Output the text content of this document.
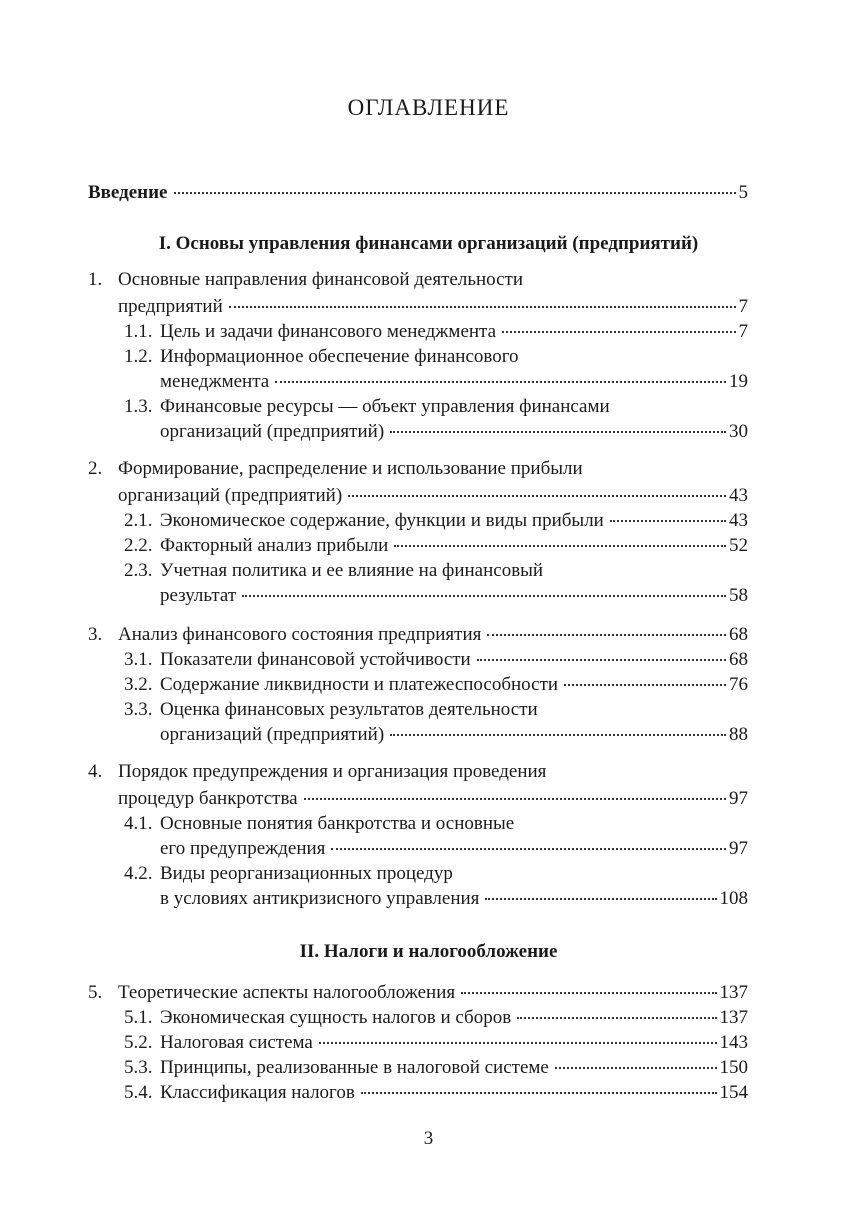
ОГЛАВЛЕНИЕ
Введение	5
I. Основы управления финансами организаций (предприятий)
1. Основные направления финансовой деятельности
предприятий	7
1.1. Цель и задачи финансового менеджмента	7
1.2. Информационное обеспечение финансового
менеджмента	19
1.3. Финансовые ресурсы — объект управления финансами
организаций (предприятий)	30
2. Формирование, распределение и использование прибыли
организаций (предприятий)	43
2.1. Экономическое содержание, функции и виды прибыли	43
2.2. Факторный анализ прибыли	52
2.3. Учетная политика и ее влияние на финансовый
результат	58
3. Анализ финансового состояния предприятия	68
3.1. Показатели финансовой устойчивости	68
3.2. Содержание ликвидности и платежеспособности	76
3.3. Оценка финансовых результатов деятельности
организаций (предприятий)	88
4. Порядок предупреждения и организация проведения
процедур банкротства	97
4.1. Основные понятия банкротства и основные
его предупреждения	97
4.2. Виды реорганизационных процедур
в условиях антикризисного управления	108
II. Налоги и налогообложение
5. Теоретические аспекты налогообложения	137
5.1. Экономическая сущность налогов и сборов	137
5.2. Налоговая система	143
5.3. Принципы, реализованные в налоговой системе	150
5.4. Классификация налогов	154
3
